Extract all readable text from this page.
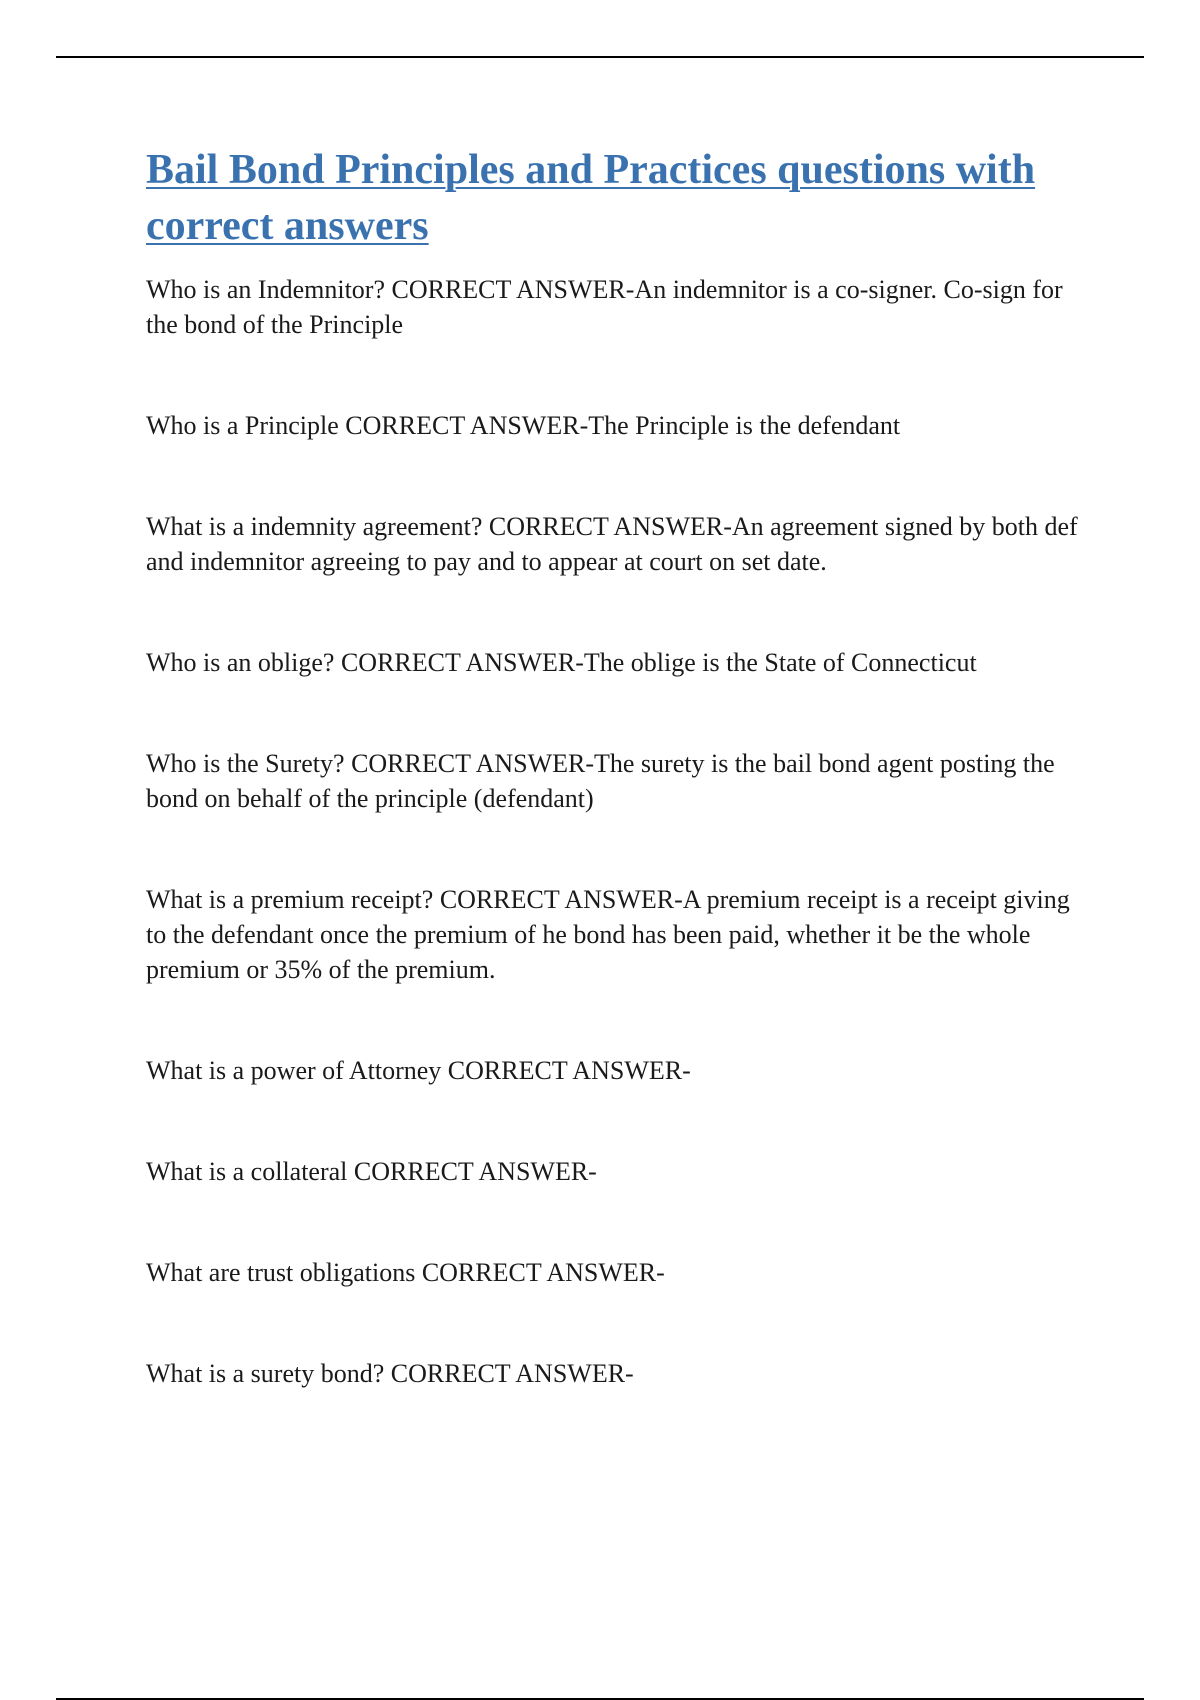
Bail Bond Principles and Practices questions with correct answers

Who is an Indemnitor? CORRECT ANSWER-An indemnitor is a co-signer. Co-sign for the bond of the Principle

Who is a Principle CORRECT ANSWER-The Principle is the defendant

What is a indemnity agreement? CORRECT ANSWER-An agreement signed by both def and indemnitor agreeing to pay and to appear at court on set date.

Who is an oblige? CORRECT ANSWER-The oblige is the State of Connecticut

Who is the Surety? CORRECT ANSWER-The surety is the bail bond agent posting the bond on behalf of the principle (defendant)

What is a premium receipt? CORRECT ANSWER-A premium receipt is a receipt giving to the defendant once the premium of he bond has been paid, whether it be the whole premium or 35% of the premium.

What is a power of Attorney CORRECT ANSWER-

What is a collateral CORRECT ANSWER-

What are trust obligations CORRECT ANSWER-

What is a surety bond? CORRECT ANSWER-
